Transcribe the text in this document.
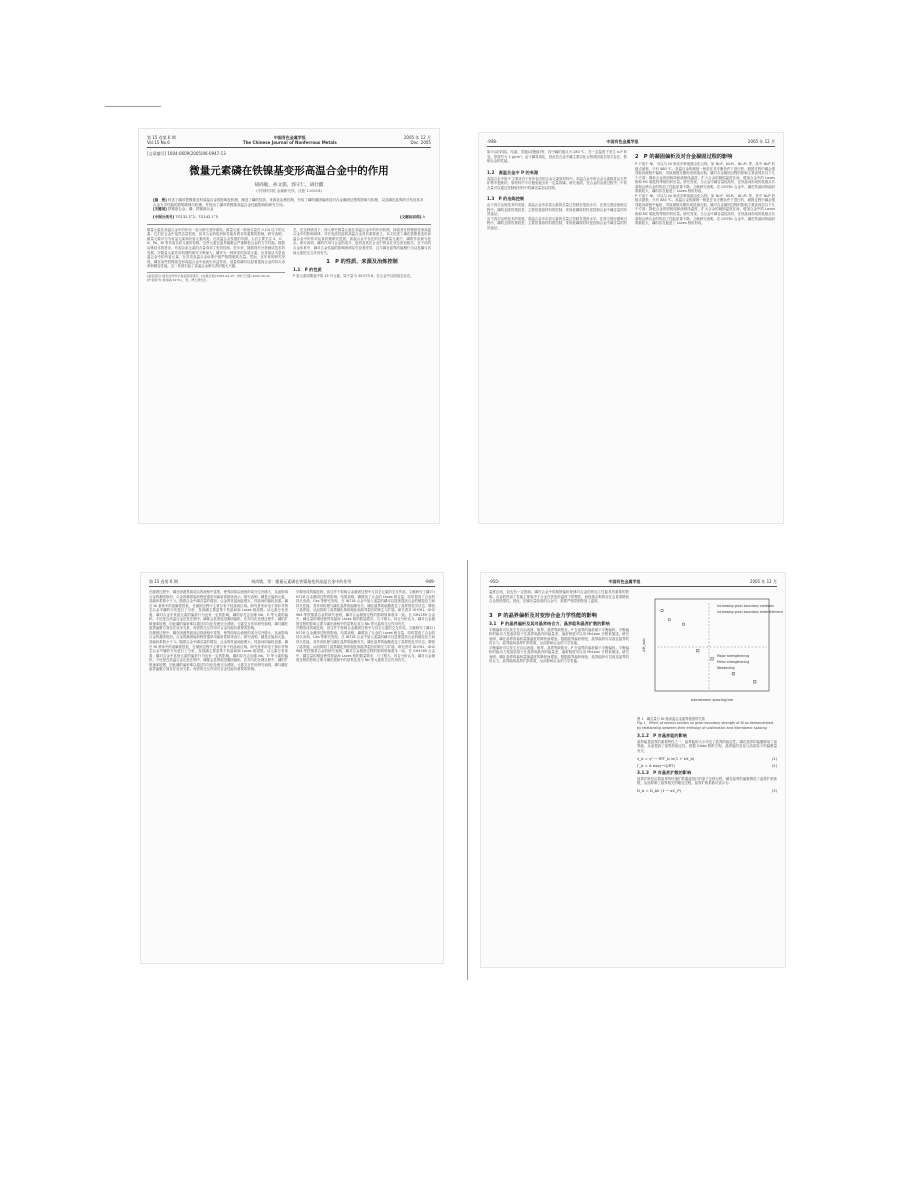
第 15 卷第 6 期
Vol.15 No.6
中国有色金属学报
The Chinese Journal of Nonferrous Metals
2005 年 12 月
Dec. 2005
[文章编号] 1004-0609(2005)06-0947-13
微量元素磷在铁镍基变形高温合金中的作用
胡尚敏，孙文儒，郭守仁，胡壮麒
(中国科学院 金属研究所，沈阳 110016)
[摘　要] 综述了磷对铁镍基变形高温合金的影响及机理，阐述了磷的性质、来源及冶炼控制，介绍了磷的凝固偏析及对合金凝固过程的影响与机理，以及磷在晶界的分布及其对合金力学性能的影响规律与机理，并指出了磷对铁镍基高温合金性能影响的研究方向。
[关键词] 铁镍基合金；磷；铁镍基合金
[中图分类号] TG132.3⁺2；TG142.1⁺5	[文献标识码] A
微量元素在高温合金中的作用一直为研究者所重视。微量元素一般指含量在 0.1% 以下的元素，它们在合金中虽然含量很低，但对合金的组织和性能有着非常重要的影响。研究表明，微量元素可分为有益元素和有害元素两类。在高温合金发展的早期，人们主要关注 S、O、N、Pb、Bi 等有害杂质元素的控制，这些元素在晶界偏聚会严重降低合金的力学性能。随着冶炼技术的进步，有害杂质元素的含量得到了有效控制。近年来，随着现代分析测试技术的发展，对微量元素作用机理的研究不断深入。磷作为一种常见的杂质元素，历来被认为是高温合金中的有害元素，在各类高温合金标准中都严格限制其含量。然而，近年来的研究发现，磷在某些铁镍基变形高温合金中表现出有益作用，适量的磷可以显著提高合金的持久寿命和蠕变性能。这一发现引起了高温合金研究者的极大兴趣。
[基金项目] 国家自然科学基金资助项目；[收稿日期] 2005-04-25；[修订日期] 2005-06-30
[作者简介] 胡尚敏(1975-)，男，博士研究生。
艺，在这种情况下，深入研究微量元素在高温合金中的作用机理，探索其在铁镍基变形高温合金中的影响规律，对开发高性能的高温合金具有重要意义。本文综述了磷在铁镍基变形高温合金中的作用及其机理研究进展。高温合金中存在的这些微量元素中，磷的作用最为复杂。研究表明，磷的作用与合金的成分、组织及其在合金中的存在状态密切相关。在不同的合金体系中，磷对合金性能的影响规律存在显著差异，这与磷在晶界的偏聚行为以及磷与其他元素的交互作用有关。
1　P 的性质、来源及冶炼控制
1.1　P 的性质
P 是元素周期表中第 15 号元素，原子量为 30.973 8，在合金中以固溶态存在。
·948·	中国有色金属学报	2005 年 12 月
如行(或穿插)、结晶、蒸馏(或聚熔)等，其中磷的熔点为 280 ℃，在一定温度下发生 α-P 转变，密度约为 2 g/cm³。由于磷易氧化，因此在合金中磷主要以化合物或固溶态形式存在，影响合金的性能。
1.2　高温合金中 P 的来源
高温合金中的 P 主要来自于其所包含的合金元素原材料中。高温合金中的合金元素都是从天然矿物中提炼的，原材料中不可避免地含有一定量的磷。研究表明，在合金的冶炼过程中，P 的含量可以通过控制原材料中的磷含量加以控制。
1.3　P 的冶炼控制
由于真空冶炼技术的发展，高温合金中杂质元素的含量已控制在很低水平。在真空感应熔炼过程中，磷的去除效果较差，主要依靠原材料的控制，采用低磷原材料是控制合金中磷含量的有效途径。
由于真空冶炼技术的发展，高温合金中杂质元素的含量已控制在很低水平。在真空感应熔炼过程中，磷的去除效果较差，主要依靠原材料的控制，采用低磷原材料是控制合金中磷含量的有效途径。
2　P 的凝固偏析及对合金凝固过程的影响
P 不溶于 Ni，可以与 Ni 形成多种低熔点化合物，如 Ni₃P、Ni₅P₂、Ni₁₂P₅ 等，其中 Ni₃P 的熔点最低，只有 880 ℃。高温合金的凝固一般是在非平衡条件下进行的，凝固过程中磷会强烈地向液相中偏析，导致凝固末期形成低熔点相。磷对合金凝固过程的影响主要表现在以下几个方面：降低合金的固相线和液相线温度，扩大合金的凝固温度区间，增加合金中的 Laves 相和 MC 碳化物等相的析出量。研究发现，当合金中磷含量较高时，在枝晶间形成的低熔点共晶相会使合金的热加工性能显著下降。文献研究表明，在 GH761 合金中，磷在枝晶间的偏析系数较大，磷的存在促进了 Laves 相的形成。
P 不溶于 Ni，可以与 Ni 形成多种低熔点化合物，如 Ni₃P、Ni₅P₂、Ni₁₂P₅ 等，其中 Ni₃P 的熔点最低，只有 880 ℃。高温合金的凝固一般是在非平衡条件下进行的，凝固过程中磷会强烈地向液相中偏析，导致凝固末期形成低熔点相。磷对合金凝固过程的影响主要表现在以下几个方面：降低合金的固相线和液相线温度，扩大合金的凝固温度区间，增加合金中的 Laves 相和 MC 碳化物等相的析出量。研究发现，当合金中磷含量较高时，在枝晶间形成的低熔点共晶相会使合金的热加工性能显著下降。文献研究表明，在 GH761 合金中，磷在枝晶间的偏析系数较大，磷的存在促进了 Laves 相的形成。
第 15 卷第 6 期	胡尚敏，等：微量元素磷在铁镍基变形高温合金中的作用	·949·
在凝固过程中，磷在固液界面前沿的液相中富集，使界面前沿液相的成分过冷增大，从而影响合金的凝固组织。合金的凝固偏析程度通常用偏析系数来表示，研究表明，磷是正偏析元素，其偏析系数小于 1。随着合金中磷含量的增加，合金的枝晶间距增大，枝晶间的偏析加重。磷在 Ni 基体中的溶解度很低，在凝固过程中主要分布于枝晶间区域。研究者采用电子探针对铸态合金中磷的分布进行了分析，发现磷主要富集于枝晶间和 Laves 相周围。从元素分布来看，磷对合金中其他元素的偏析行为也有一定的影响，磷的存在会加重 Nb、Ti 等元素的偏析。不论是在高温合金还是在钢中，磷都会显著促进凝固偏析。在均匀化处理过程中，磷的扩散速率较慢，因此磷的偏析难以通过均匀化处理完全消除。元素交互作用研究表明，磷与硼在晶界偏聚方面存在竞争关系，两者的交互作用对合金性能有重要的影响。
在凝固过程中，磷在固液界面前沿的液相中富集，使界面前沿液相的成分过冷增大，从而影响合金的凝固组织。合金的凝固偏析程度通常用偏析系数来表示，研究表明，磷是正偏析元素，其偏析系数小于 1。随着合金中磷含量的增加，合金的枝晶间距增大，枝晶间的偏析加重。磷在 Ni 基体中的溶解度很低，在凝固过程中主要分布于枝晶间区域。研究者采用电子探针对铸态合金中磷的分布进行了分析，发现磷主要富集于枝晶间和 Laves 相周围。从元素分布来看，磷对合金中其他元素的偏析行为也有一定的影响，磷的存在会加重 Nb、Ti 等元素的偏析。不论是在高温合金还是在钢中，磷都会显著促进凝固偏析。在均匀化处理过程中，磷的扩散速率较慢，因此磷的偏析难以通过均匀化处理完全消除。元素交互作用研究表明，磷与硼在晶界偏聚方面存在竞争关系，两者的交互作用对合金性能有重要的影响。
早期形成的碳化物，但这并不影响合金凝固过程中与其它元素的交互作用。文献研究了磷对 IN718 合金凝固过程的影响，结果表明，磷增加了合金的 Laves 相含量，同时提高了合金的持久寿命。Cao 等研究发现，在 IN718 合金中加入适量的磷可以显著提高合金的蠕变抗力和持久性能，其作用机理与磷在晶界的偏聚有关。磷在晶界的偏聚改变了晶界的化学状态，降低了晶界能，从而抑制了晶界碳化物的粗化和晶界裂纹的萌生与扩展。研究者对 GH761、GH2984 等铁镍基合金的研究表明，磷对合金凝固过程的影响规律基本一致。在 GH4169 合金中，磷含量的增加使得枝晶间 Laves 相的数量增多，尺寸增大。综合分析认为，磷对合金凝固过程的影响主要与磷在液相中的富集及其与 Nb 等元素的交互作用有关。
早期形成的碳化物，但这并不影响合金凝固过程中与其它元素的交互作用。文献研究了磷对 IN718 合金凝固过程的影响，结果表明，磷增加了合金的 Laves 相含量，同时提高了合金的持久寿命。Cao 等研究发现，在 IN718 合金中加入适量的磷可以显著提高合金的蠕变抗力和持久性能，其作用机理与磷在晶界的偏聚有关。磷在晶界的偏聚改变了晶界的化学状态，降低了晶界能，从而抑制了晶界碳化物的粗化和晶界裂纹的萌生与扩展。研究者对 GH761、GH2984 等铁镍基合金的研究表明，磷对合金凝固过程的影响规律基本一致。在 GH4169 合金中，磷含量的增加使得枝晶间 Laves 相的数量增多，尺寸增大。综合分析认为，磷对合金凝固过程的影响主要与磷在液相中的富集及其与 Nb 等元素的交互作用有关。
·950·	中国有色金属学报	2005 年 12 月
温度区间，但也有一定影响。磷在合金中的凝固偏析规律对合金的热加工性能具有重要的影响。合金的热加工性能主要取决于合金在热变形温度下的塑性，而低熔点相的存在会显著降低合金的热塑性。因此，在磷含量较高的合金中，需要严格控制热加工温度。
3　P 的晶界偏析及对变形合金力学性能的影响
3.1　P 的晶界偏析及其对晶界结合力、晶界能和晶界扩散的影响
平衡偏析可以发生在自由表面、相界、晶界等缺陷处，P 在晶界的偏析属于平衡偏析。平衡偏析的驱动力是溶质原子在晶界和晶内的能量差，偏析程度可以用 McLean 方程来描述。研究表明，磷在晶界的偏析量随温度的降低而增加。根据晶界偏析理论，晶界偏析可以改变晶界的结合力、晶界能和晶界扩散系数，从而影响合金的力学性能。
平衡偏析可以发生在自由表面、相界、晶界等缺陷处，P 在晶界的偏析属于平衡偏析。平衡偏析的驱动力是溶质原子在晶界和晶内的能量差，偏析程度可以用 McLean 方程来描述。研究表明，磷在晶界的偏析量随温度的降低而增加。根据晶界偏析理论，晶界偏析可以改变晶界的结合力、晶界能和晶界扩散系数，从而影响合金的力学性能。
Increasing grain boundary cohesion
Increasing grain boundary embrittlement
Major strengthening
Minor strengthening
Weakening
Interatomic spacing/nm
ΔH_sub
图 1　磷含量与 Ni 基高温合金晶界强度的关系
Fig. 1　Effect of various solutes on grain boundary strength of Ni as demonstrated by relationship between their enthalpy of sublimation and interatomic spacing
3.1.2　P 对晶界能的影响
晶界能是晶界的重要特性之一，晶界能的大小决定了晶界的稳定性。磷在晶界的偏聚降低了晶界能，从而提高了晶界的稳定性。根据 Gibbs 吸附方程，晶界能的变化与溶质原子的偏聚量有关。
γ_b = γ⁰ − RTΓ_b ln(1 + kX_b)	(1)
Γ_b = A exp(−Q/RT)	(2)
3.1.3　P 对晶界扩散的影响
晶界扩散是沿着晶界的快速扩散通道进行的原子迁移过程，磷在晶界的偏聚降低了晶界扩散系数，从而抑制了晶界相关的蠕变过程。晶界扩散系数可表示为：
D_b = D_b0 (1 − αC_P)	(3)
